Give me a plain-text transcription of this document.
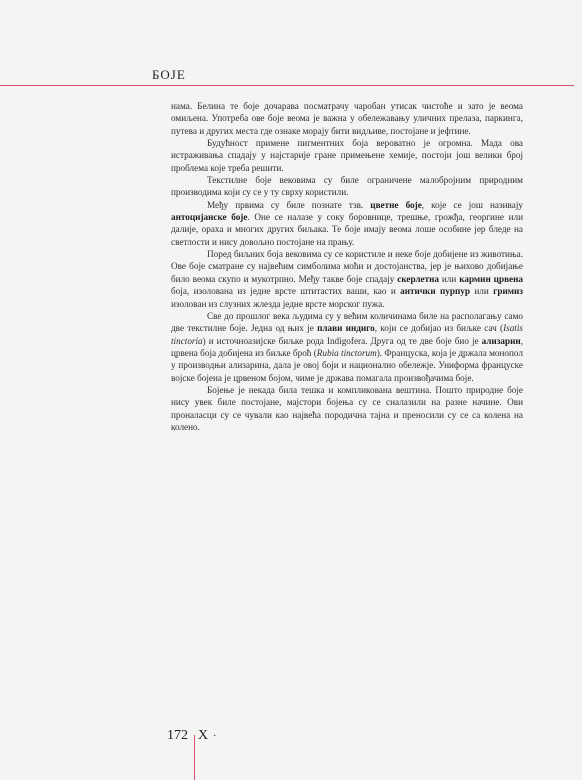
БОЈЕ

нама. Белина те боје дочарава посматрачу чаробан утисак чистоће и зато је веома омиљена. Употреба ове боје веома је важна у обележавању уличних прелаза, паркинга, путева и других места где ознаке морају бити видљиве, постојане и јефтине.

Будућност примене пигментних боја вероватно је огромна. Мада ова истраживања спадају у најстарије гране примењене хемије, постоји још велики број проблема које треба решити.

Текстилне боје вековима су биле ограничене малобројним природним производима који су се у ту сврху користили.

Међу првима су биле познате тзв. цветне боје, које се још називају антоцијанске боје. Оне се налазе у соку боровнице, трешње, грожђа, георгине или далије, ораха и многих других биљака. Те боје имају веома лоше особине јер бледе на светлости и нису довољно постојане на прању.

Поред биљних боја вековима су се користиле и неке боје добијене из животиња. Ове боје сматране су највећим симболима моћи и достојанства, јер је њихово добијање било веома скупо и мукотрпно. Међу такве боје спадају скерлетна или кармин црвена боја, изолована из једне врсте штитастих ваши, као и антички пурпур или гримиз изолован из слузних жлезда једне врсте морског пужа.

Све до прошлог века људима су у већим количинама биле на располагању само две текстилне боје. Једна од њих је плави индиго, који се добијао из биљке сач (Isatis tinctoria) и источноазијске биљке рода Indigofera. Друга од те две боје био је ализарин, црвена боја добијена из биљке броћ (Rubia tinctorum). Француска, која је држала монопол у производњи ализарина, дала је овој боји и национално обележје. Униформа француске војске бојена је црвеном бојом, чиме је држава помагала произвођачима боје.

Бојење је некада била тешка и компликована вештина. Пошто природне боје нису увек биле постојане, мајстори бојења су се сналазили на разне начине. Ови проналасци су се чували као највећа породична тајна и преносили су се са колена на колено.

172 X ·
